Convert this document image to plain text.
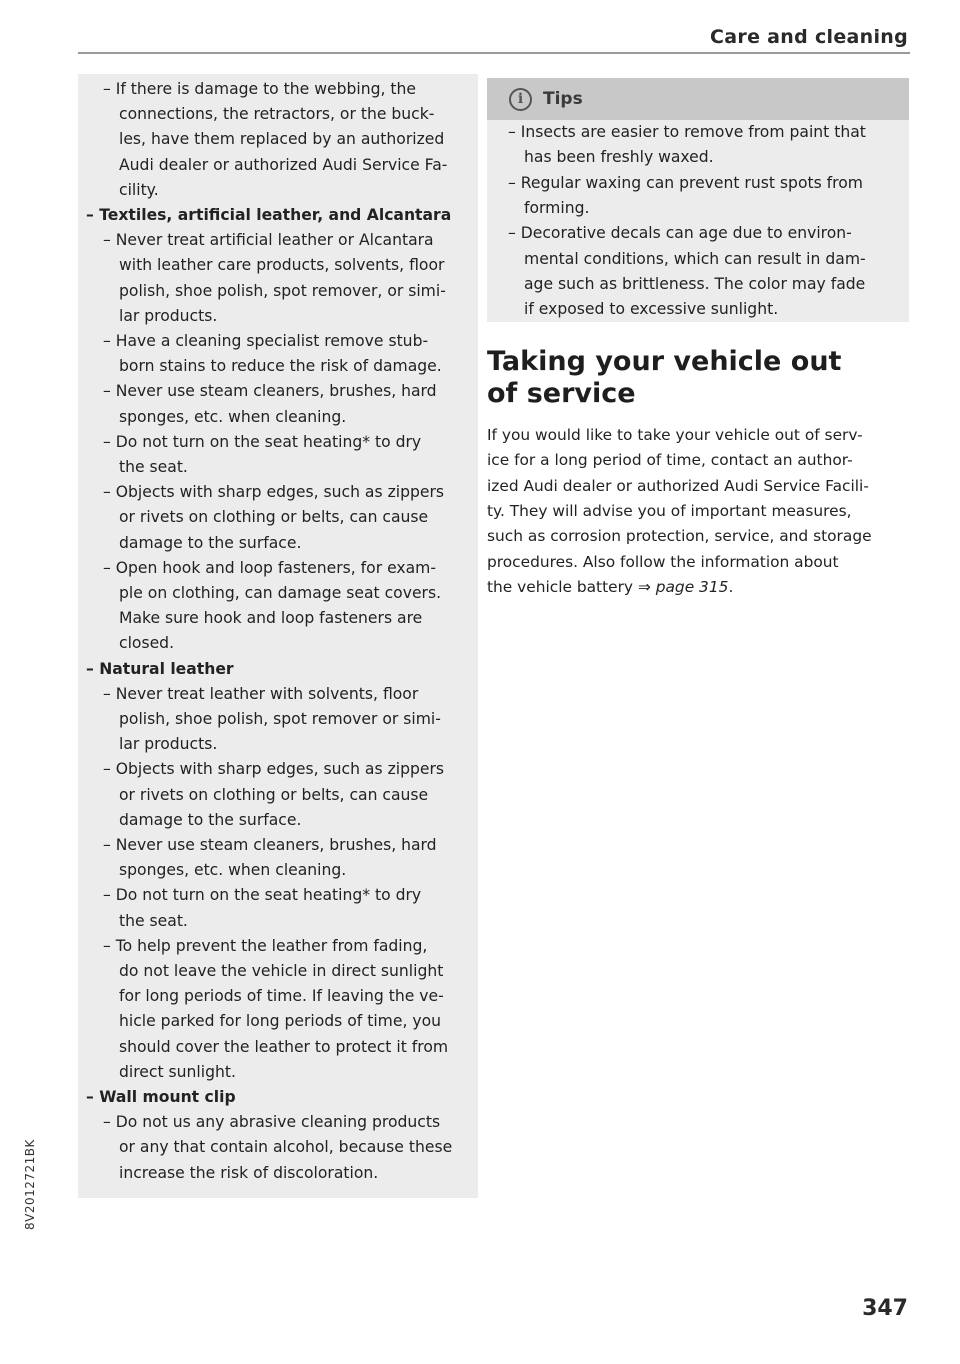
Care and cleaning
– If there is damage to the webbing, the
connections, the retractors, or the buck-
les, have them replaced by an authorized
Audi dealer or authorized Audi Service Fa-
cility.
– Textiles, artificial leather, and Alcantara
– Never treat artificial leather or Alcantara
with leather care products, solvents, floor
polish, shoe polish, spot remover, or simi-
lar products.
– Have a cleaning specialist remove stub-
born stains to reduce the risk of damage.
– Never use steam cleaners, brushes, hard
sponges, etc. when cleaning.
– Do not turn on the seat heating* to dry
the seat.
– Objects with sharp edges, such as zippers
or rivets on clothing or belts, can cause
damage to the surface.
– Open hook and loop fasteners, for exam-
ple on clothing, can damage seat covers.
Make sure hook and loop fasteners are
closed.
– Natural leather
– Never treat leather with solvents, floor
polish, shoe polish, spot remover or simi-
lar products.
– Objects with sharp edges, such as zippers
or rivets on clothing or belts, can cause
damage to the surface.
– Never use steam cleaners, brushes, hard
sponges, etc. when cleaning.
– Do not turn on the seat heating* to dry
the seat.
– To help prevent the leather from fading,
do not leave the vehicle in direct sunlight
for long periods of time. If leaving the ve-
hicle parked for long periods of time, you
should cover the leather to protect it from
direct sunlight.
– Wall mount clip
– Do not us any abrasive cleaning products
or any that contain alcohol, because these
increase the risk of discoloration.
i	Tips
– Insects are easier to remove from paint that
has been freshly waxed.
– Regular waxing can prevent rust spots from
forming.
– Decorative decals can age due to environ-
mental conditions, which can result in dam-
age such as brittleness. The color may fade
if exposed to excessive sunlight.
Taking your vehicle out
of service
If you would like to take your vehicle out of serv-
ice for a long period of time, contact an author-
ized Audi dealer or authorized Audi Service Facili-
ty. They will advise you of important measures,
such as corrosion protection, service, and storage
procedures. Also follow the information about
the vehicle battery ⇒ page 315.
347
8V2012721BK
